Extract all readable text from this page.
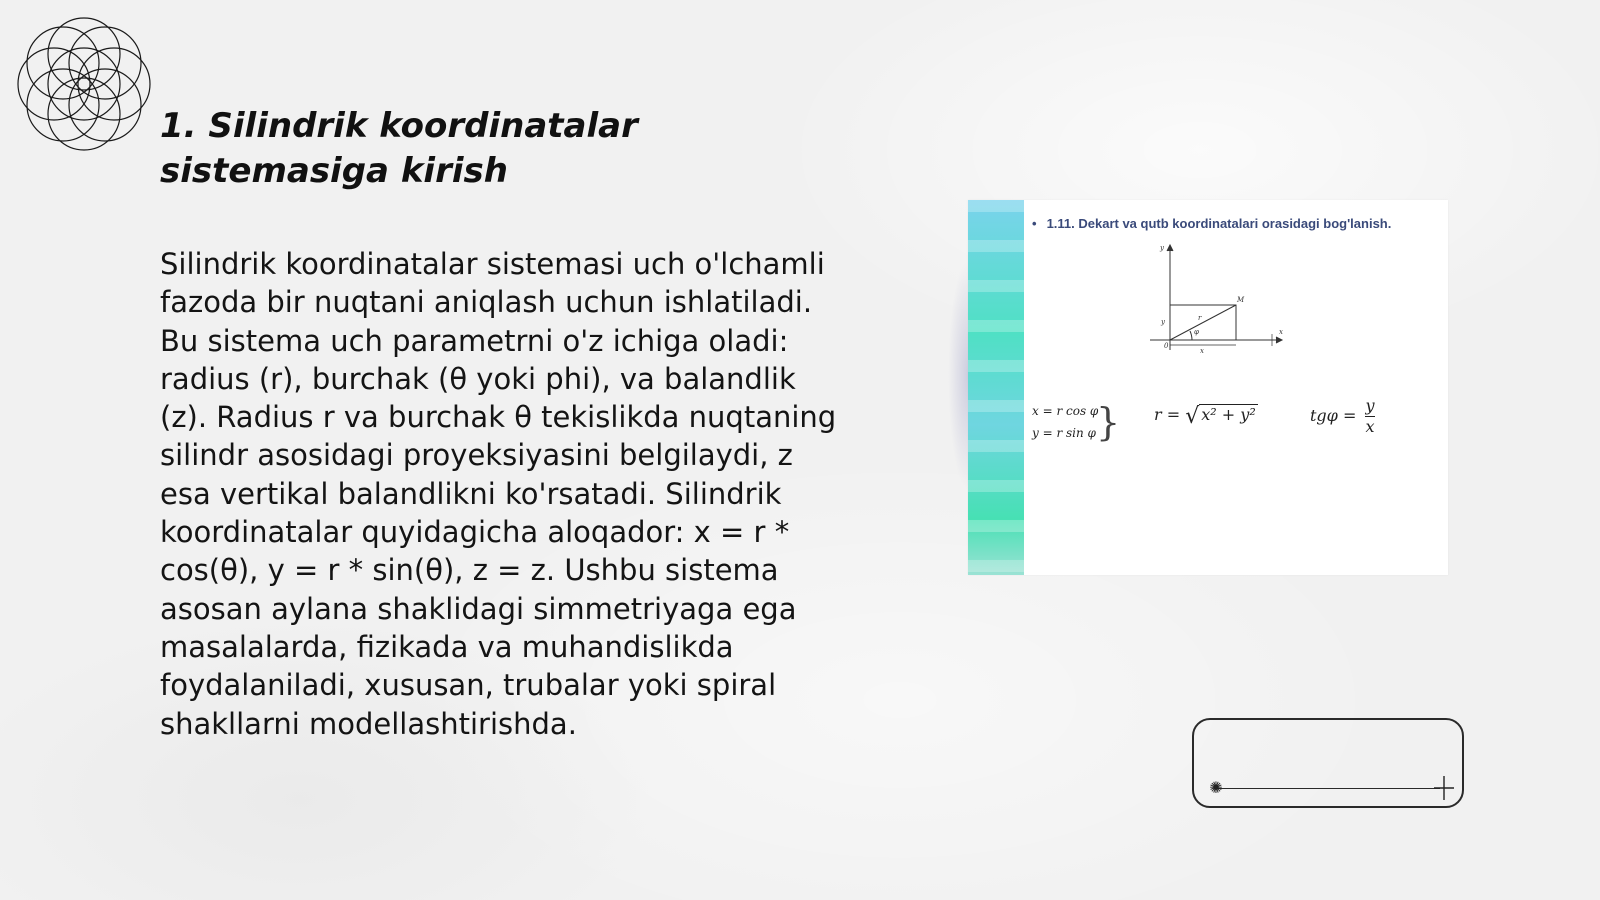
1. Silindrik koordinatalar sistemasiga kirish

Silindrik koordinatalar sistemasi uch o'lchamli fazoda bir nuqtani aniqlash uchun ishlatiladi. Bu sistema uch parametrni o'z ichiga oladi: radius (r), burchak (θ yoki phi), va balandlik (z). Radius r va burchak θ tekislikda nuqtaning silindr asosidagi proyeksiyasini belgilaydi, z esa vertikal balandlikni ko'rsatadi. Silindrik koordinatalar quyidagicha aloqador: x = r * cos(θ), y = r * sin(θ), z = z. Ushbu sistema asosan aylana shaklidagi simmetriyaga ega masalalarda, fizikada va muhandislikda foydalaniladi, xususan, trubalar yoki spiral shakllarni modellashtirishda.

• 1.11. Dekart va qutb koordinatalari orasidagi bog'lanish.
y
x
M
r
φ
y
x
0
x = r cos φ
y = r sin φ } r = √ x² + y²	$tg\varphi = \frac{y}{x}$
✺
